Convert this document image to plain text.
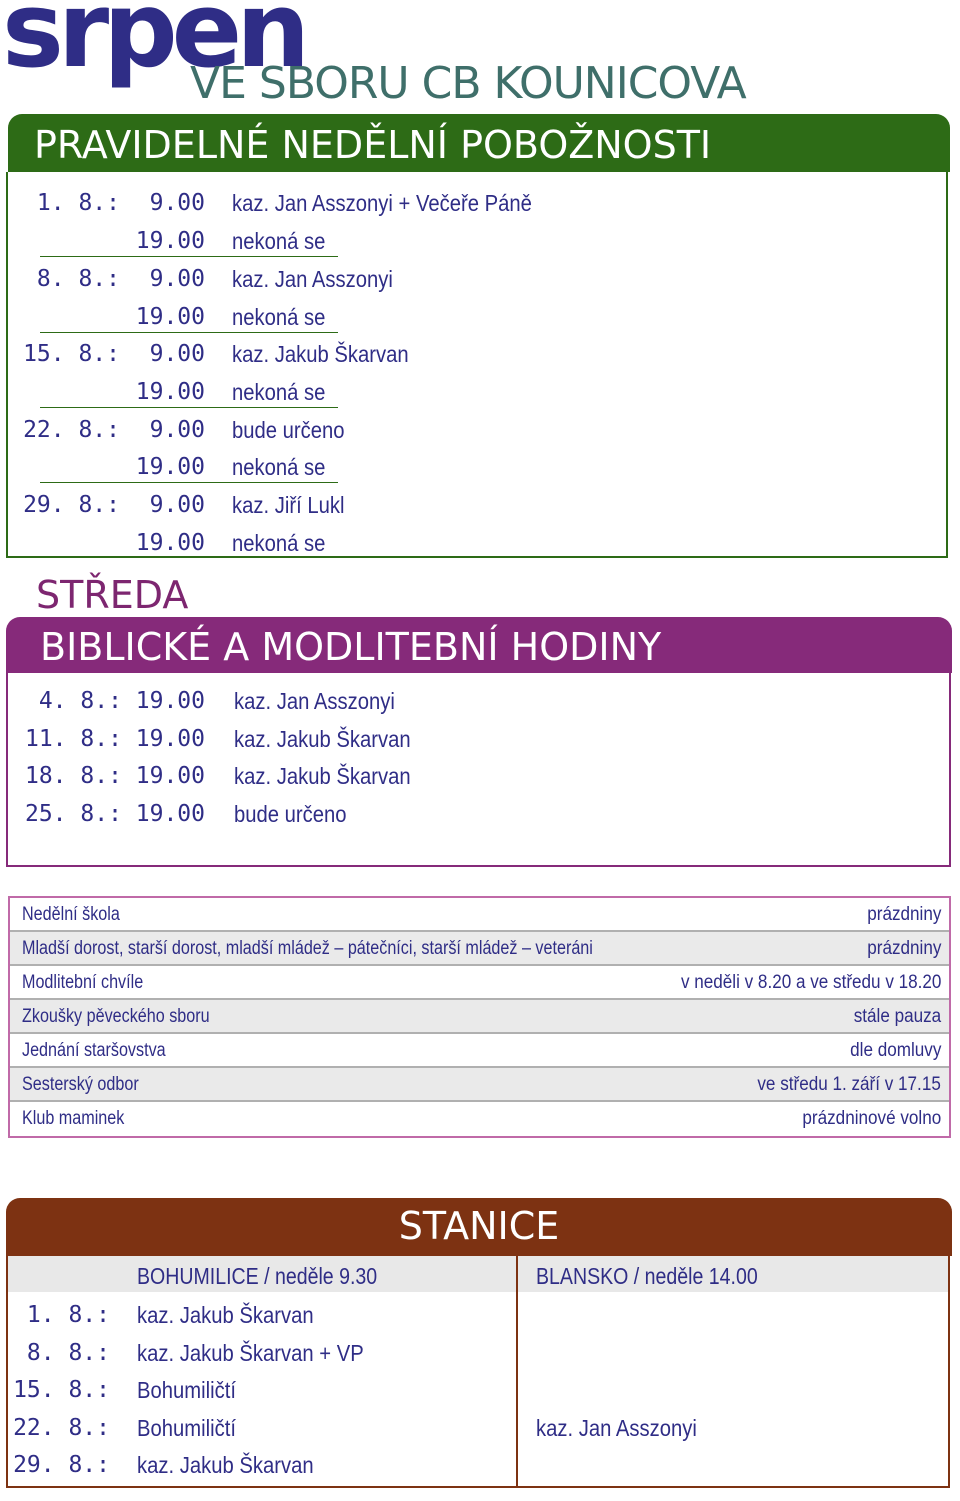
srpen
VE SBORU CB KOUNICOVA
PRAVIDELNÉ NEDĚLNÍ POBOŽNOSTI
1. 8.:	9.00 kaz. Jan Asszonyi + Večeře Páně
19.00 nekoná se
8. 8.:	9.00 kaz. Jan Asszonyi
19.00 nekoná se
15. 8.:	9.00 kaz. Jakub Škarvan
19.00 nekoná se
22. 8.:	9.00 bude určeno
19.00 nekoná se
29. 8.:	9.00 kaz. Jiří Lukl
19.00 nekoná se
STŘEDA
BIBLICKÉ A MODLITEBNÍ HODINY
4. 8.: 19.00 kaz. Jan Asszonyi
11. 8.: 19.00 kaz. Jakub Škarvan
18. 8.: 19.00 kaz. Jakub Škarvan
25. 8.: 19.00 bude určeno
Nedělní škola	prázdniny
Mladší dorost, starší dorost, mladší mládež – pátečníci, starší mládež – veteráni	prázdniny
Modlitební chvíle	v neděli v 8.20 a ve středu v 18.20
Zkoušky pěveckého sboru	stále pauza
Jednání staršovstva	dle domluvy
Sesterský odbor	ve středu 1. září v 17.15
Klub maminek	prázdninové volno
STANICE
BOHUMILICE / neděle 9.30	BLANSKO / neděle 14.00
1. 8.: kaz. Jakub Škarvan
8. 8.: kaz. Jakub Škarvan + VP
15. 8.: Bohumiličtí
22. 8.: Bohumiličtí	kaz. Jan Asszonyi
29. 8.: kaz. Jakub Škarvan
